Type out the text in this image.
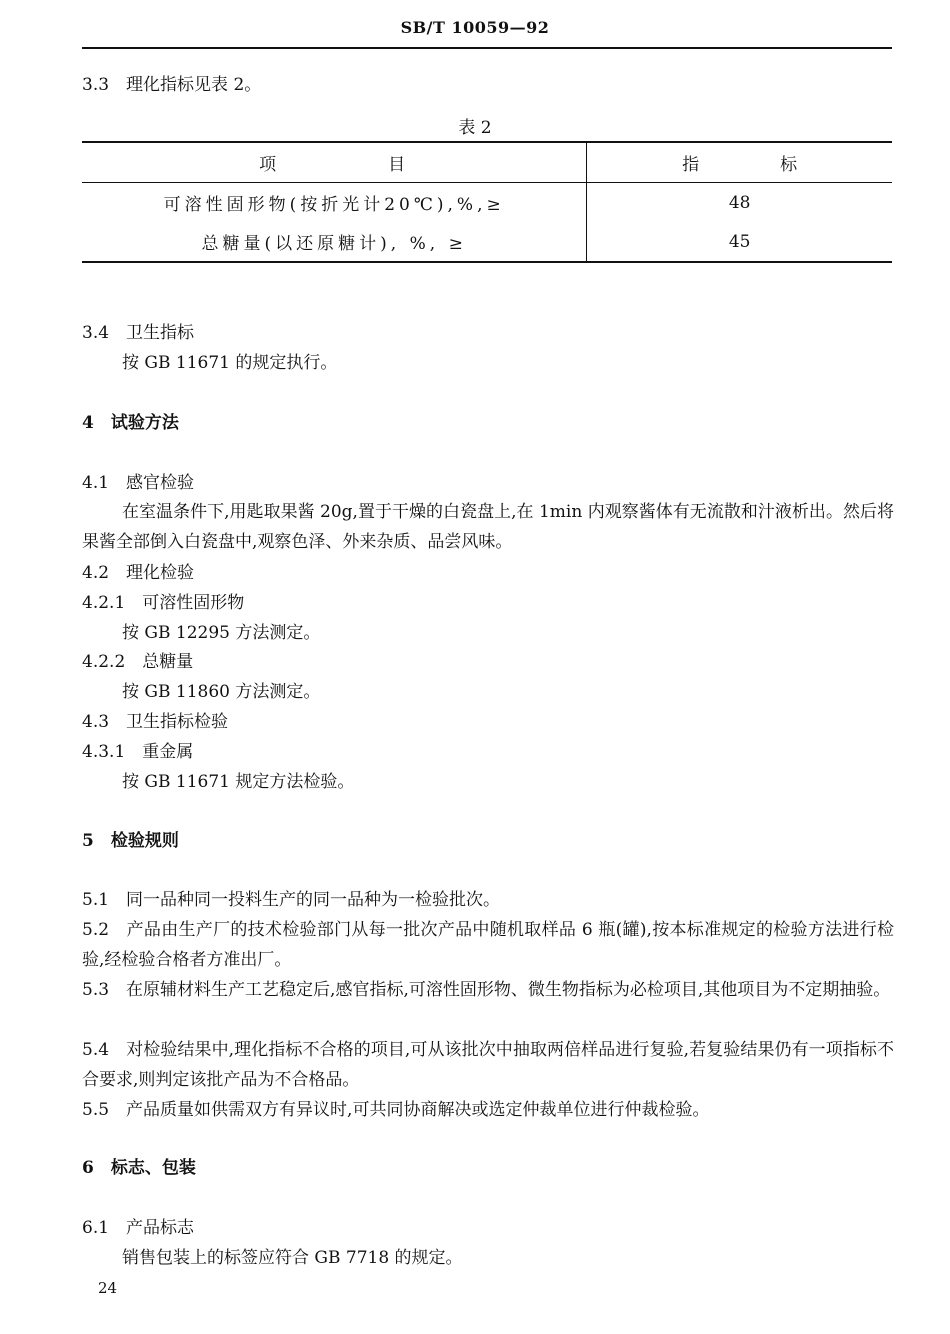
SB/T 10059—92
3.3　理化指标见表 2。
表 2
项目	指标
可溶性固形物(按折光计20℃),%,≥	48
总糖量(以还原糖计), %, ≥	45
3.4　卫生指标
按 GB 11671 的规定执行。
4　试验方法
4.1　感官检验
在室温条件下,用匙取果酱 20g,置于干燥的白瓷盘上,在 1min 内观察酱体有无流散和汁液析出。然后将果酱全部倒入白瓷盘中,观察色泽、外来杂质、品尝风味。
4.2　理化检验
4.2.1　可溶性固形物
按 GB 12295 方法测定。
4.2.2　总糖量
按 GB 11860 方法测定。
4.3　卫生指标检验
4.3.1　重金属
按 GB 11671 规定方法检验。
5　检验规则
5.1　同一品种同一投料生产的同一品种为一检验批次。
5.2　产品由生产厂的技术检验部门从每一批次产品中随机取样品 6 瓶(罐),按本标准规定的检验方法进行检验,经检验合格者方准出厂。
5.3　在原辅材料生产工艺稳定后,感官指标,可溶性固形物、微生物指标为必检项目,其他项目为不定期抽验。
5.4　对检验结果中,理化指标不合格的项目,可从该批次中抽取两倍样品进行复验,若复验结果仍有一项指标不合要求,则判定该批产品为不合格品。
5.5　产品质量如供需双方有异议时,可共同协商解决或选定仲裁单位进行仲裁检验。
6　标志、包装
6.1　产品标志
销售包装上的标签应符合 GB 7718 的规定。
24
